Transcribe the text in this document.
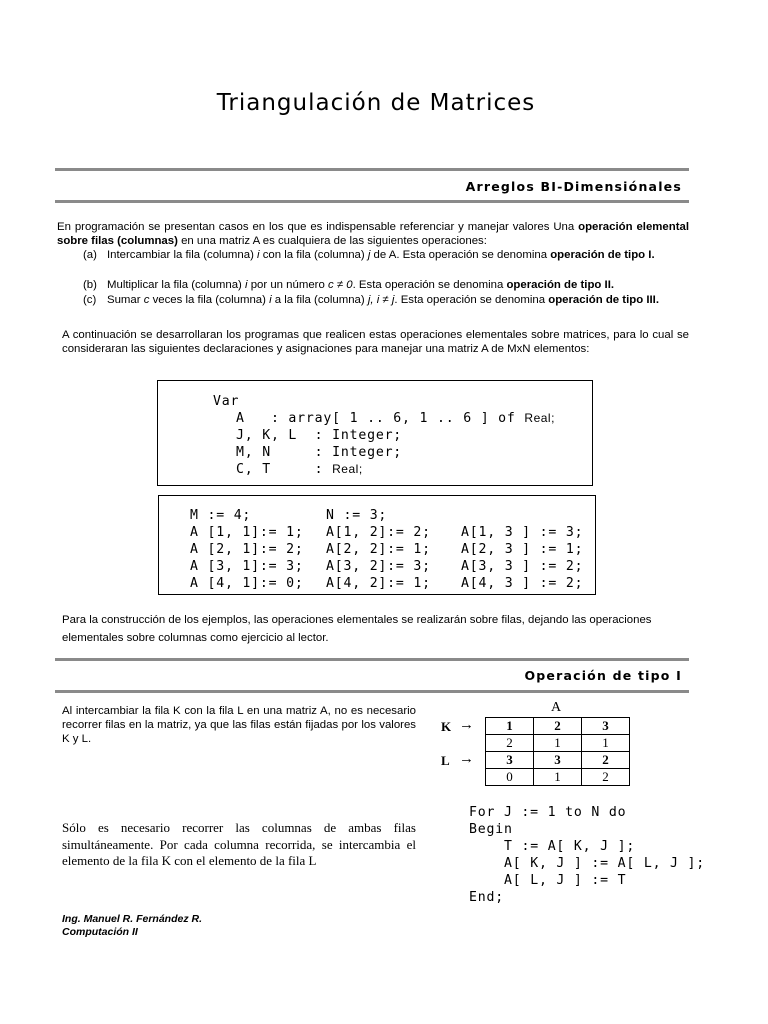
Triangulación de Matrices
Arreglos BI-Dimensiónales
En programación se presentan casos en los que es indispensable referenciar y manejar valores Una operación elemental sobre filas (columnas) en una matriz A es cualquiera de las siguientes operaciones:
(a) Intercambiar la fila (columna) i con la fila (columna) j de A. Esta operación se denomina operación de tipo I.
(b) Multiplicar la fila (columna) i por un número c ≠ 0. Esta operación se denomina operación de tipo II.
(c) Sumar c veces la fila (columna) i a la fila (columna) j, i ≠ j. Esta operación se denomina operación de tipo III.
A continuación se desarrollaran los programas que realicen estas operaciones elementales sobre matrices, para lo cual se consideraran las siguientes declaraciones y asignaciones para manejar una matriz A de MxN elementos:
Var
A   : array[ 1 .. 6, 1 .. 6 ] of Real;
J, K, L  : Integer;
M, N     : Integer;
C, T     : Real;
M := 4;	N := 3;
A [1, 1]:= 1; A[1, 2]:= 2; A[1, 3 ] := 3;
A [2, 1]:= 2; A[2, 2]:= 1; A[2, 3 ] := 1;
A [3, 1]:= 3; A[3, 2]:= 3; A[3, 3 ] := 2;
A [4, 1]:= 0; A[4, 2]:= 1; A[4, 3 ] := 2;
Para la construcción de los ejemplos, las operaciones elementales se realizarán sobre filas, dejando las operaciones elementales sobre columnas como ejercicio al lector.
Operación de tipo I
Al intercambiar la fila K con la fila L en una matriz A, no es necesario recorrer filas en la matriz, ya que las filas están fijadas por los valores K y L.
A
K →
L →
1	2	3
2	1	1
3	3	2
0	1	2
Sólo es necesario recorrer las columnas de ambas filas simultáneamente. Por cada columna recorrida, se intercambia el elemento de la fila K con el elemento de la fila L
For J := 1 to N do
Begin
T := A[ K, J ];
A[ K, J ] := A[ L, J ];
A[ L, J ] := T
End;
Ing. Manuel R. Fernández R.
Computación II
